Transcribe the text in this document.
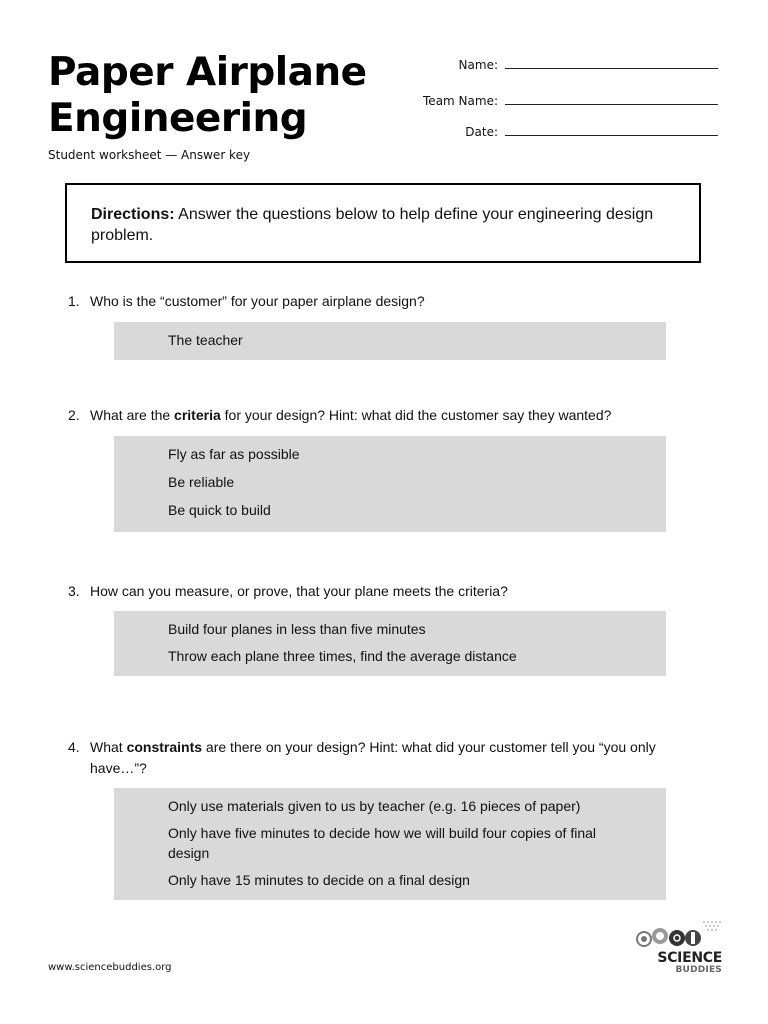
Paper Airplane
Engineering
Student worksheet — Answer key
Name:
Team Name:
Date:
Directions: Answer the questions below to help define your engineering design problem.
1. Who is the “customer” for your paper airplane design?
The teacher
2. What are the criteria for your design? Hint: what did the customer say they wanted?
Fly as far as possible
Be reliable
Be quick to build
3. How can you measure, or prove, that your plane meets the criteria?
Build four planes in less than five minutes
Throw each plane three times, find the average distance
4. What constraints are there on your design? Hint: what did your customer tell you “you only have…”?
Only use materials given to us by teacher (e.g. 16 pieces of paper)
Only have five minutes to decide how we will build four copies of final design
Only have 15 minutes to decide on a final design
www.sciencebuddies.org
SCIENCE
BUDDIES
